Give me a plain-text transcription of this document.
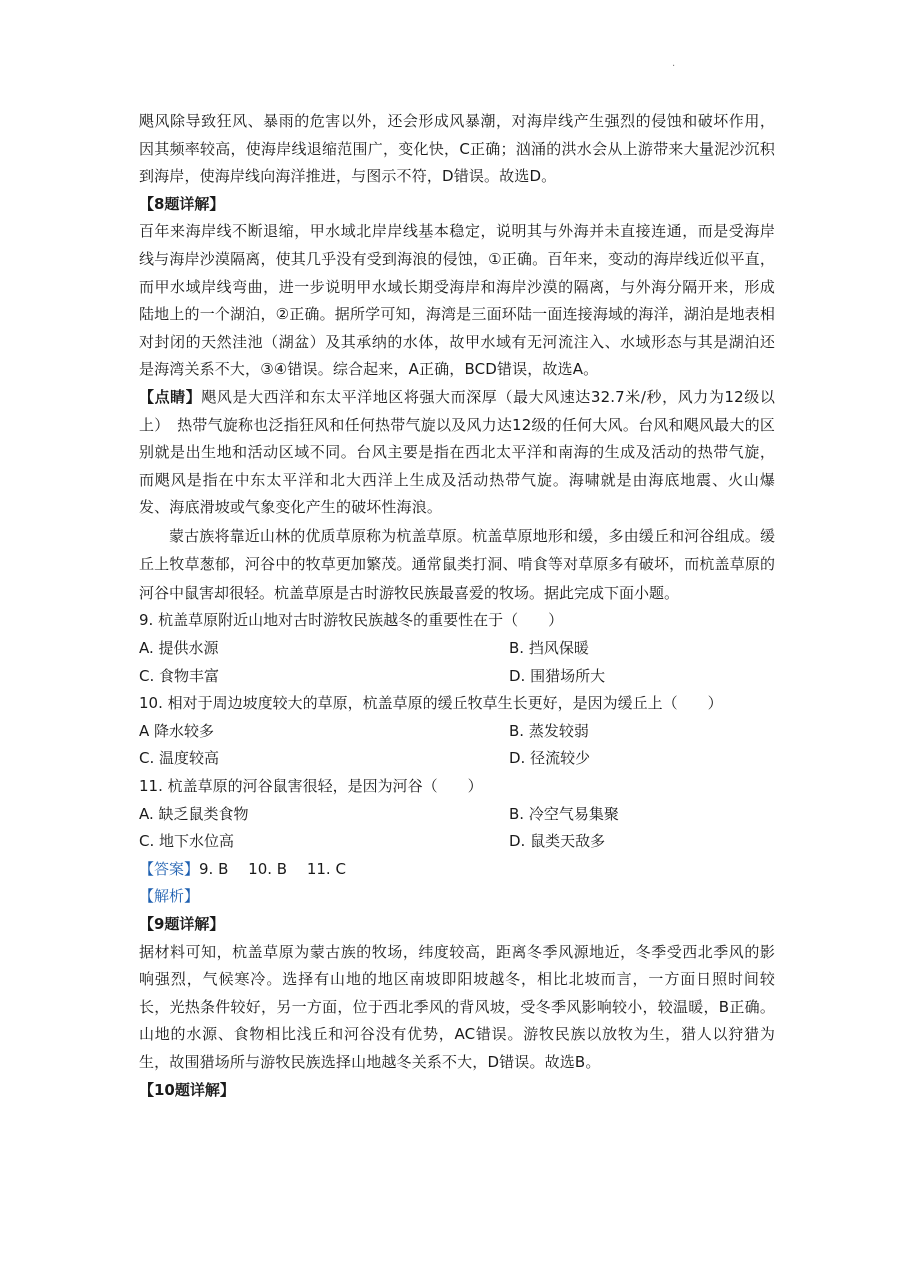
.

飓风除导致狂风、暴雨的危害以外，还会形成风暴潮，对海岸线产生强烈的侵蚀和破坏作用，因其频率较高，使海岸线退缩范围广，变化快，C正确；汹涌的洪水会从上游带来大量泥沙沉积到海岸，使海岸线向海洋推进，与图示不符，D错误。故选D。

【8题详解】

百年来海岸线不断退缩，甲水域北岸岸线基本稳定，说明其与外海并未直接连通，而是受海岸线与海岸沙漠隔离，使其几乎没有受到海浪的侵蚀，①正确。百年来，变动的海岸线近似平直，而甲水域岸线弯曲，进一步说明甲水域长期受海岸和海岸沙漠的隔离，与外海分隔开来，形成陆地上的一个湖泊，②正确。据所学可知，海湾是三面环陆一面连接海域的海洋，湖泊是地表相对封闭的天然洼池（湖盆）及其承纳的水体，故甲水域有无河流注入、水域形态与其是湖泊还是海湾关系不大，③④错误。综合起来，A正确，BCD错误，故选A。

【点睛】飓风是大西洋和东太平洋地区将强大而深厚（最大风速达32.7米/秒，风力为12级以上）　热带气旋称也泛指狂风和任何热带气旋以及风力达12级的任何大风。台风和飓风最大的区别就是出生地和活动区域不同。台风主要是指在西北太平洋和南海的生成及活动的热带气旋，而飓风是指在中东太平洋和北大西洋上生成及活动热带气旋。海啸就是由海底地震、火山爆发、海底滑坡或气象变化产生的破坏性海浪。

蒙古族将靠近山林的优质草原称为杭盖草原。杭盖草原地形和缓，多由缓丘和河谷组成。缓丘上牧草葱郁，河谷中的牧草更加繁茂。通常鼠类打洞、啃食等对草原多有破坏，而杭盖草原的河谷中鼠害却很轻。杭盖草原是古时游牧民族最喜爱的牧场。据此完成下面小题。

9. 杭盖草原附近山地对古时游牧民族越冬的重要性在于（　　）

A. 提供水源	B. 挡风保暖
C. 食物丰富	D. 围猎场所大

10. 相对于周边坡度较大的草原，杭盖草原的缓丘牧草生长更好，是因为缓丘上（　　）

A 降水较多	B. 蒸发较弱
C. 温度较高	D. 径流较少

11. 杭盖草原的河谷鼠害很轻，是因为河谷（　　）

A. 缺乏鼠类食物	B. 冷空气易集聚
C. 地下水位高	D. 鼠类天敌多

【答案】9. B　 10. B　 11. C

【解析】

【9题详解】

据材料可知，杭盖草原为蒙古族的牧场，纬度较高，距离冬季风源地近，冬季受西北季风的影响强烈，气候寒冷。选择有山地的地区南坡即阳坡越冬，相比北坡而言，一方面日照时间较长，光热条件较好，另一方面，位于西北季风的背风坡，受冬季风影响较小，较温暖，B正确。山地的水源、食物相比浅丘和河谷没有优势，AC错误。游牧民族以放牧为生，猎人以狩猎为生，故围猎场所与游牧民族选择山地越冬关系不大，D错误。故选B。

【10题详解】
